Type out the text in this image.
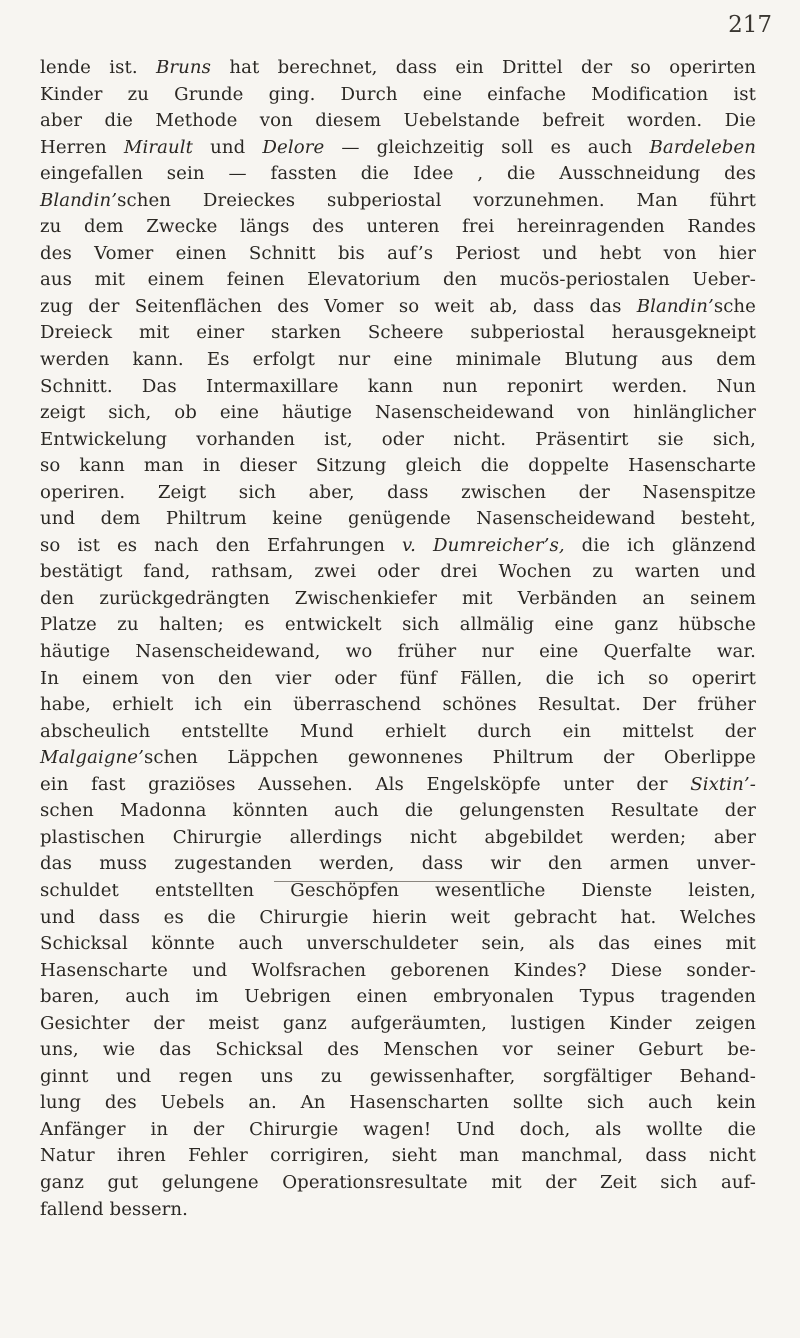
217
lende ist. Bruns hat berechnet, dass ein Drittel der so operirten
Kinder zu Grunde ging. Durch eine einfache Modification ist
aber die Methode von diesem Uebelstande befreit worden. Die
Herren Mirault und Delore — gleichzeitig soll es auch Bardeleben
eingefallen sein — fassten die Idee , die Ausschneidung des
Blandin’schen Dreieckes subperiostal vorzunehmen. Man führt
zu dem Zwecke längs des unteren frei hereinragenden Randes
des Vomer einen Schnitt bis auf’s Periost und hebt von hier
aus mit einem feinen Elevatorium den mucös-periostalen Ueber-
zug der Seitenflächen des Vomer so weit ab, dass das Blandin’sche
Dreieck mit einer starken Scheere subperiostal herausgekneipt
werden kann. Es erfolgt nur eine minimale Blutung aus dem
Schnitt. Das Intermaxillare kann nun reponirt werden. Nun
zeigt sich, ob eine häutige Nasenscheidewand von hinlänglicher
Entwickelung vorhanden ist, oder nicht. Präsentirt sie sich,
so kann man in dieser Sitzung gleich die doppelte Hasenscharte
operiren. Zeigt sich aber, dass zwischen der Nasenspitze
und dem Philtrum keine genügende Nasenscheidewand besteht,
so ist es nach den Erfahrungen v. Dumreicher’s, die ich glänzend
bestätigt fand, rathsam, zwei oder drei Wochen zu warten und
den zurückgedrängten Zwischenkiefer mit Verbänden an seinem
Platze zu halten; es entwickelt sich allmälig eine ganz hübsche
häutige Nasenscheidewand, wo früher nur eine Querfalte war.
In einem von den vier oder fünf Fällen, die ich so operirt
habe, erhielt ich ein überraschend schönes Resultat. Der früher
abscheulich entstellte Mund erhielt durch ein mittelst der
Malgaigne’schen Läppchen gewonnenes Philtrum der Oberlippe
ein fast graziöses Aussehen. Als Engelsköpfe unter der Sixtin’-
schen Madonna könnten auch die gelungensten Resultate der
plastischen Chirurgie allerdings nicht abgebildet werden; aber
das muss zugestanden werden, dass wir den armen unver-
schuldet entstellten Geschöpfen wesentliche Dienste leisten,
und dass es die Chirurgie hierin weit gebracht hat. Welches
Schicksal könnte auch unverschuldeter sein, als das eines mit
Hasenscharte und Wolfsrachen geborenen Kindes? Diese sonder-
baren, auch im Uebrigen einen embryonalen Typus tragenden
Gesichter der meist ganz aufgeräumten, lustigen Kinder zeigen
uns, wie das Schicksal des Menschen vor seiner Geburt be-
ginnt und regen uns zu gewissenhafter, sorgfältiger Behand-
lung des Uebels an. An Hasenscharten sollte sich auch kein
Anfänger in der Chirurgie wagen! Und doch, als wollte die
Natur ihren Fehler corrigiren, sieht man manchmal, dass nicht
ganz gut gelungene Operationsresultate mit der Zeit sich auf-
fallend bessern.
